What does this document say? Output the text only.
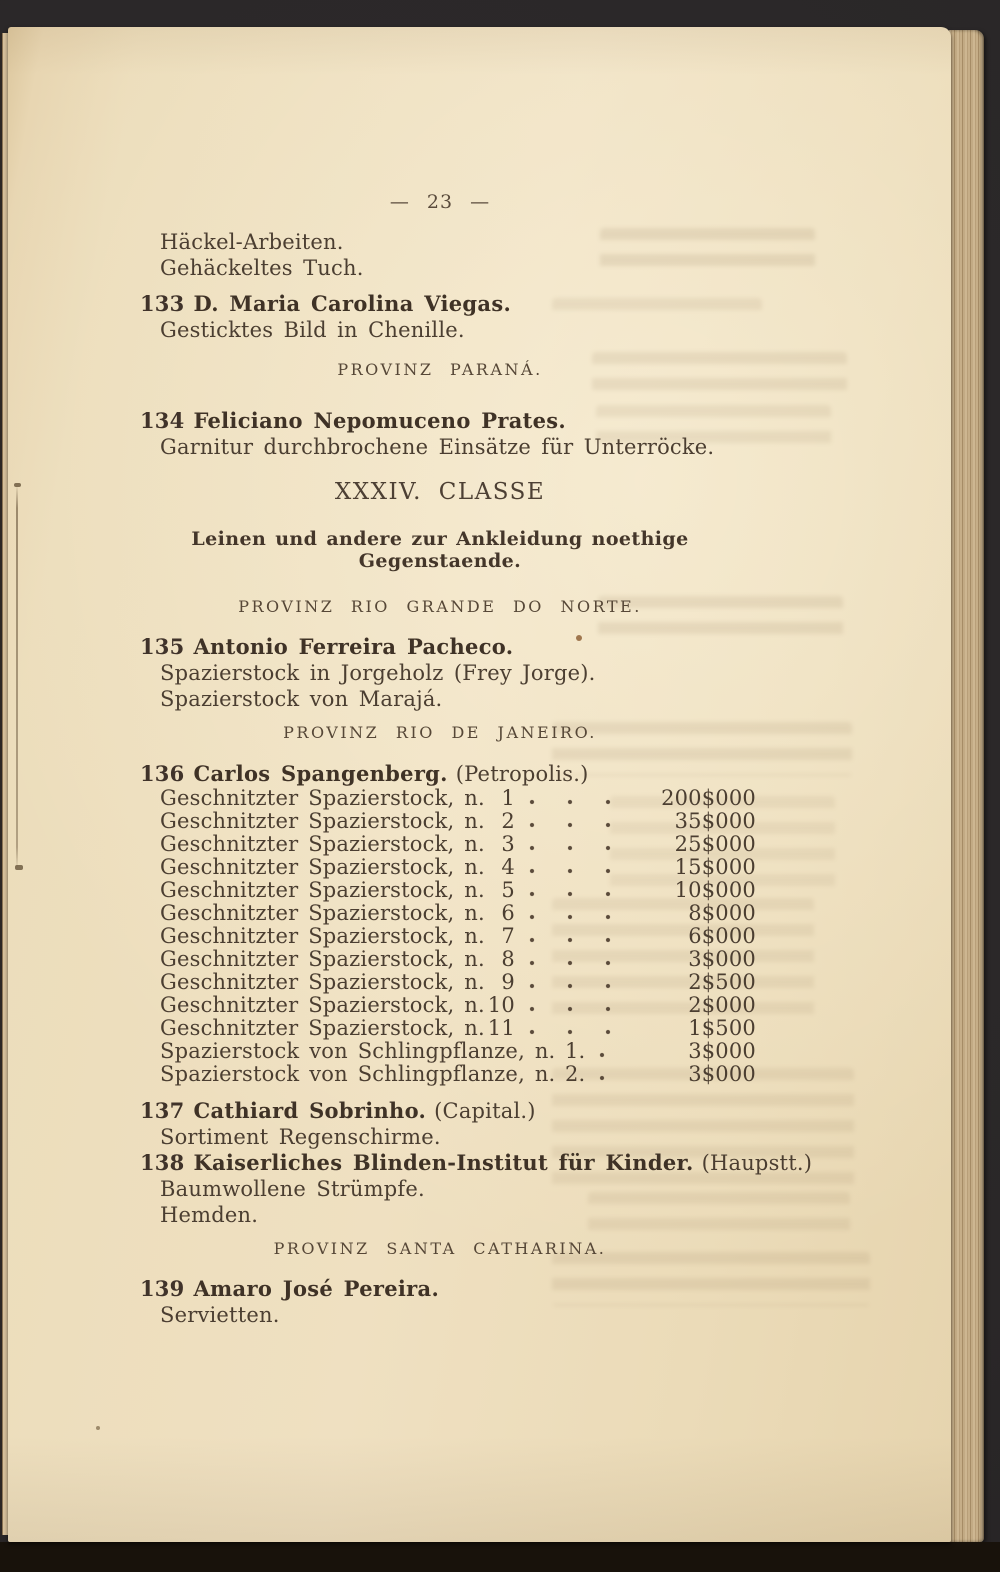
— 23 —
Häckel-Arbeiten.
Gehäckeltes Tuch.
133 D. Maria Carolina Viegas.
Gesticktes Bild in Chenille.
PROVINZ PARANÁ.
134 Feliciano Nepomuceno Prates.
Garnitur durchbrochene Einsätze für Unterröcke.
XXXIV. CLASSE
Leinen und andere zur Ankleidung noethige Gegenstaende.
PROVINZ RIO GRANDE DO NORTE.
135 Antonio Ferreira Pacheco.
Spazierstock in Jorgeholz (Frey Jorge).
Spazierstock von Marajá.
PROVINZ RIO DE JANEIRO.
136 Carlos Spangenberg. (Petropolis.)
Geschnitzter Spazierstock, n. 1	200$000
Geschnitzter Spazierstock, n. 2	35$000
Geschnitzter Spazierstock, n. 3	25$000
Geschnitzter Spazierstock, n. 4	15$000
Geschnitzter Spazierstock, n. 5	10$000
Geschnitzter Spazierstock, n. 6	8$000
Geschnitzter Spazierstock, n. 7	6$000
Geschnitzter Spazierstock, n. 8	3$000
Geschnitzter Spazierstock, n. 9	2$500
Geschnitzter Spazierstock, n. 10	2$000
Geschnitzter Spazierstock, n. 11	1$500
Spazierstock von Schlingpflanze, n. 1.	3$000
Spazierstock von Schlingpflanze, n. 2.	3$000
137 Cathiard Sobrinho. (Capital.)
Sortiment Regenschirme.
138 Kaiserliches Blinden-Institut für Kinder. (Haupstt.)
Baumwollene Strümpfe.
Hemden.
PROVINZ SANTA CATHARINA.
139 Amaro José Pereira.
Servietten.
